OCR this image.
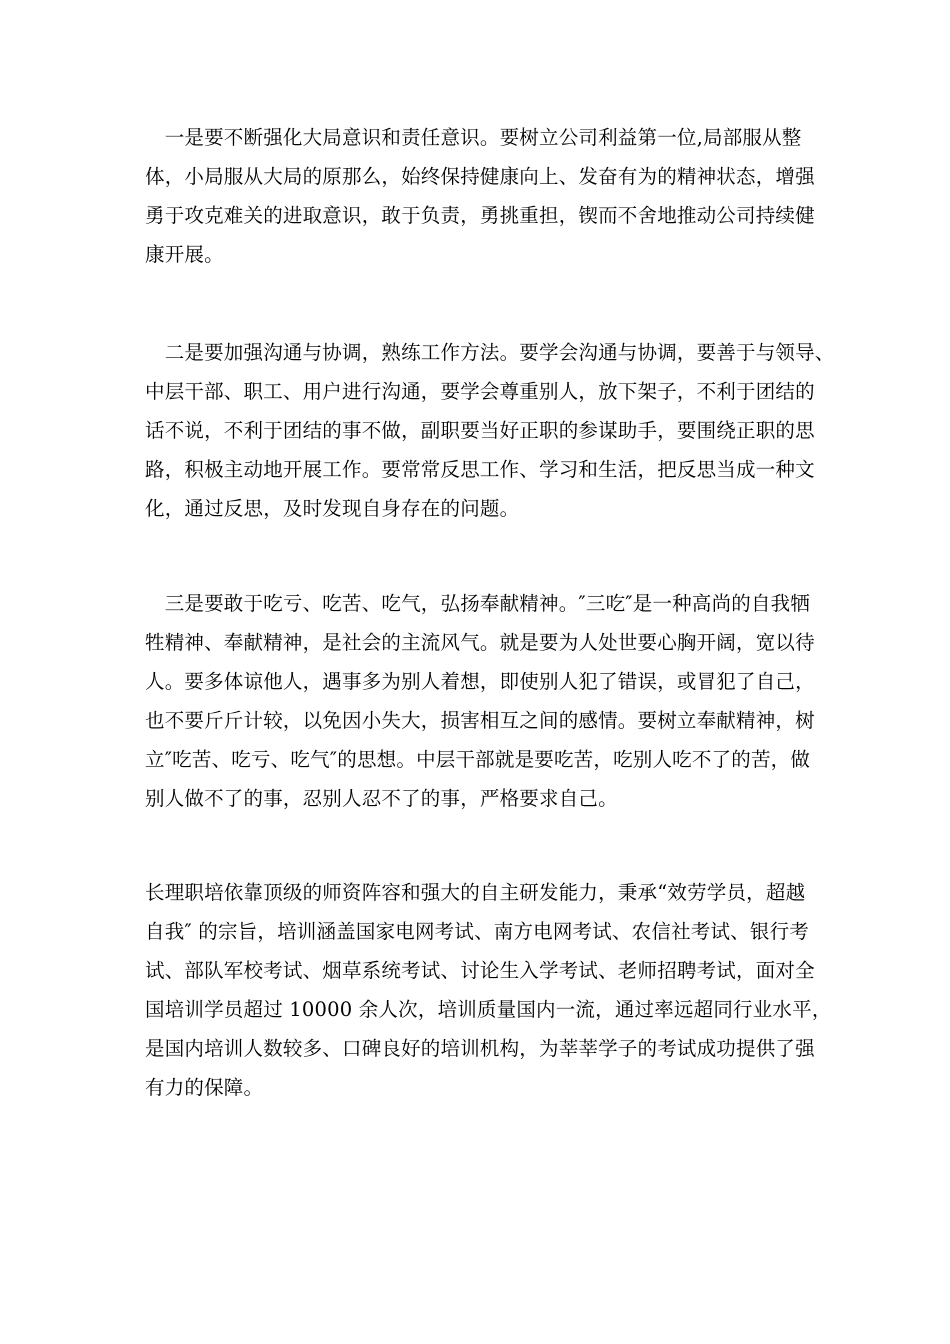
　一是要不断强化大局意识和责任意识。要树立公司利益第一位,局部服从整
体，小局服从大局的原那么，始终保持健康向上、发奋有为的精神状态，增强
勇于攻克难关的进取意识，敢于负责，勇挑重担，锲而不舍地推动公司持续健
康开展。

　二是要加强沟通与协调，熟练工作方法。要学会沟通与协调，要善于与领导、
中层干部、职工、用户进行沟通，要学会尊重别人，放下架子，不利于团结的
话不说，不利于团结的事不做，副职要当好正职的参谋助手，要围绕正职的思
路，积极主动地开展工作。要常常反思工作、学习和生活，把反思当成一种文
化，通过反思，及时发现自身存在的问题。

　三是要敢于吃亏、吃苦、吃气，弘扬奉献精神。″三吃″是一种高尚的自我牺
牲精神、奉献精神，是社会的主流风气。就是要为人处世要心胸开阔，宽以待
人。要多体谅他人，遇事多为别人着想，即使别人犯了错误，或冒犯了自己，
也不要斤斤计较，以免因小失大，损害相互之间的感情。要树立奉献精神，树
立″吃苦、吃亏、吃气″的思想。中层干部就是要吃苦，吃别人吃不了的苦，做
别人做不了的事，忍别人忍不了的事，严格要求自己。

长理职培依靠顶级的师资阵容和强大的自主研发能力，秉承“效劳学员，超越
自我″ 的宗旨，培训涵盖国家电网考试、南方电网考试、农信社考试、银行考
试、部队军校考试、烟草系统考试、讨论生入学考试、老师招聘考试，面对全
国培训学员超过 10000 余人次，培训质量国内一流，通过率远超同行业水平，
是国内培训人数较多、口碑良好的培训机构，为莘莘学子的考试成功提供了强
有力的保障。
